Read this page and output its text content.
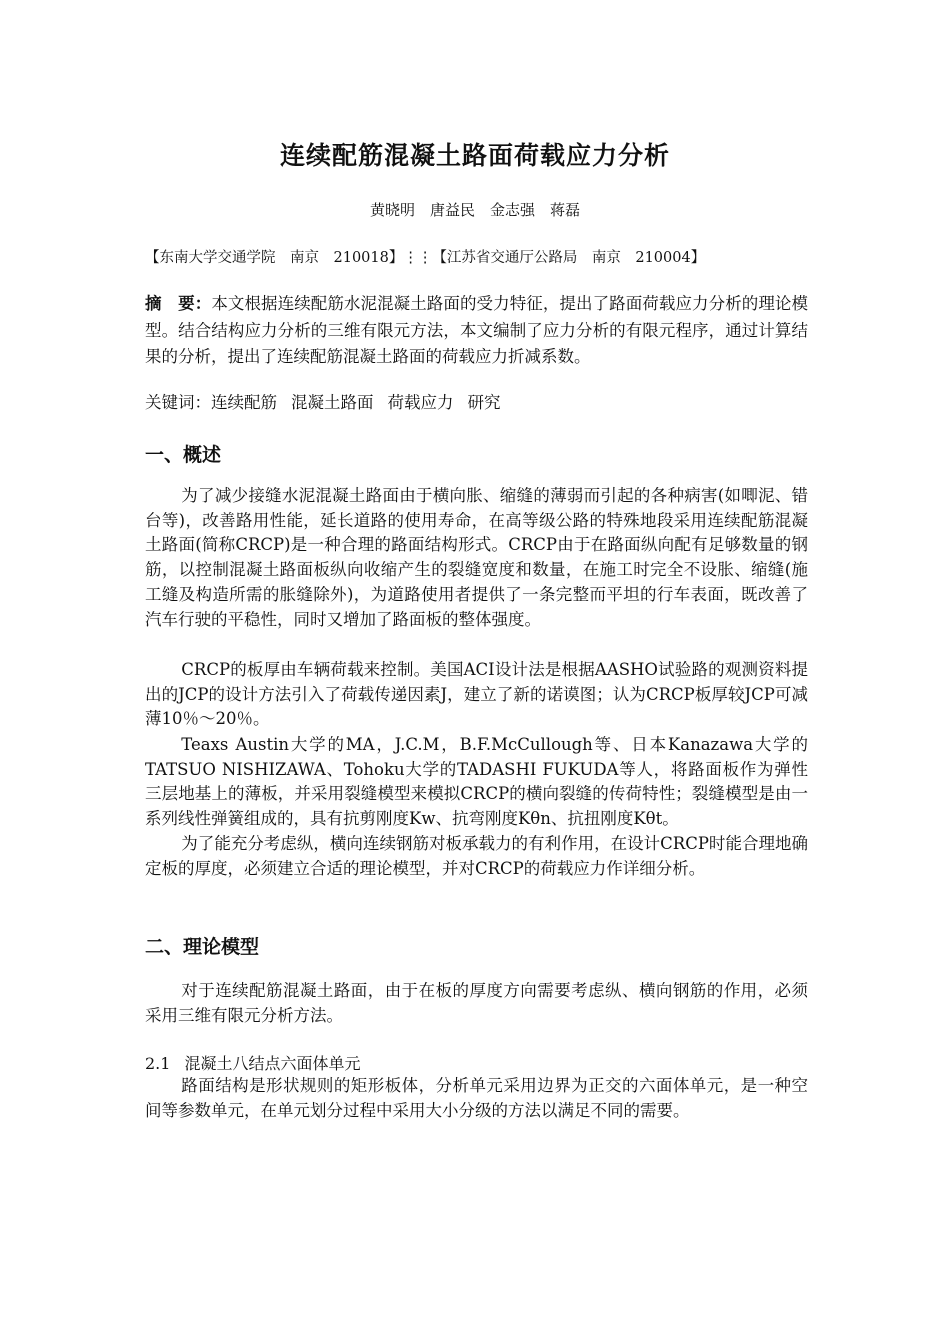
连续配筋混凝土路面荷载应力分析
黄晓明　唐益民　金志强　蒋磊
【东南大学交通学院　南京　210018】⋮⋮【江苏省交通厅公路局　南京　210004】

摘　要：本文根据连续配筋水泥混凝土路面的受力特征，提出了路面荷载应力分析的理论模型。结合结构应力分析的三维有限元方法，本文编制了应力分析的有限元程序，通过计算结果的分析，提出了连续配筋混凝土路面的荷载应力折减系数。

关键词：连续配筋 混凝土路面 荷载应力 研究
一、概述

为了减少接缝水泥混凝土路面由于横向胀、缩缝的薄弱而引起的各种病害(如唧泥、错台等)，改善路用性能，延长道路的使用寿命，在高等级公路的特殊地段采用连续配筋混凝土路面(简称CRCP)是一种合理的路面结构形式。CRCP由于在路面纵向配有足够数量的钢筋，以控制混凝土路面板纵向收缩产生的裂缝宽度和数量，在施工时完全不设胀、缩缝(施工缝及构造所需的胀缝除外)，为道路使用者提供了一条完整而平坦的行车表面，既改善了汽车行驶的平稳性，同时又增加了路面板的整体强度。

CRCP的板厚由车辆荷载来控制。美国ACI设计法是根据AASHO试验路的观测资料提出的JCP的设计方法引入了荷载传递因素J，建立了新的诺谟图；认为CRCP板厚较JCP可减薄10％～20％。

Teaxs Austin大学的MA，J.C.M，B.F.McCullough等、日本Kanazawa大学的TATSUO NISHIZAWA、Tohoku大学的TADASHI FUKUDA等人，将路面板作为弹性三层地基上的薄板，并采用裂缝模型来模拟CRCP的横向裂缝的传荷特性；裂缝模型是由一系列线性弹簧组成的，具有抗剪刚度Kw、抗弯刚度Kθn、抗扭刚度Kθt。

为了能充分考虑纵，横向连续钢筋对板承载力的有利作用，在设计CRCP时能合理地确定板的厚度，必须建立合适的理论模型，并对CRCP的荷载应力作详细分析。

二、理论模型

对于连续配筋混凝土路面，由于在板的厚度方向需要考虑纵、横向钢筋的作用，必须采用三维有限元分析方法。

2.1 混凝土八结点六面体单元

路面结构是形状规则的矩形板体，分析单元采用边界为正交的六面体单元，是一种空间等参数单元，在单元划分过程中采用大小分级的方法以满足不同的需要。
